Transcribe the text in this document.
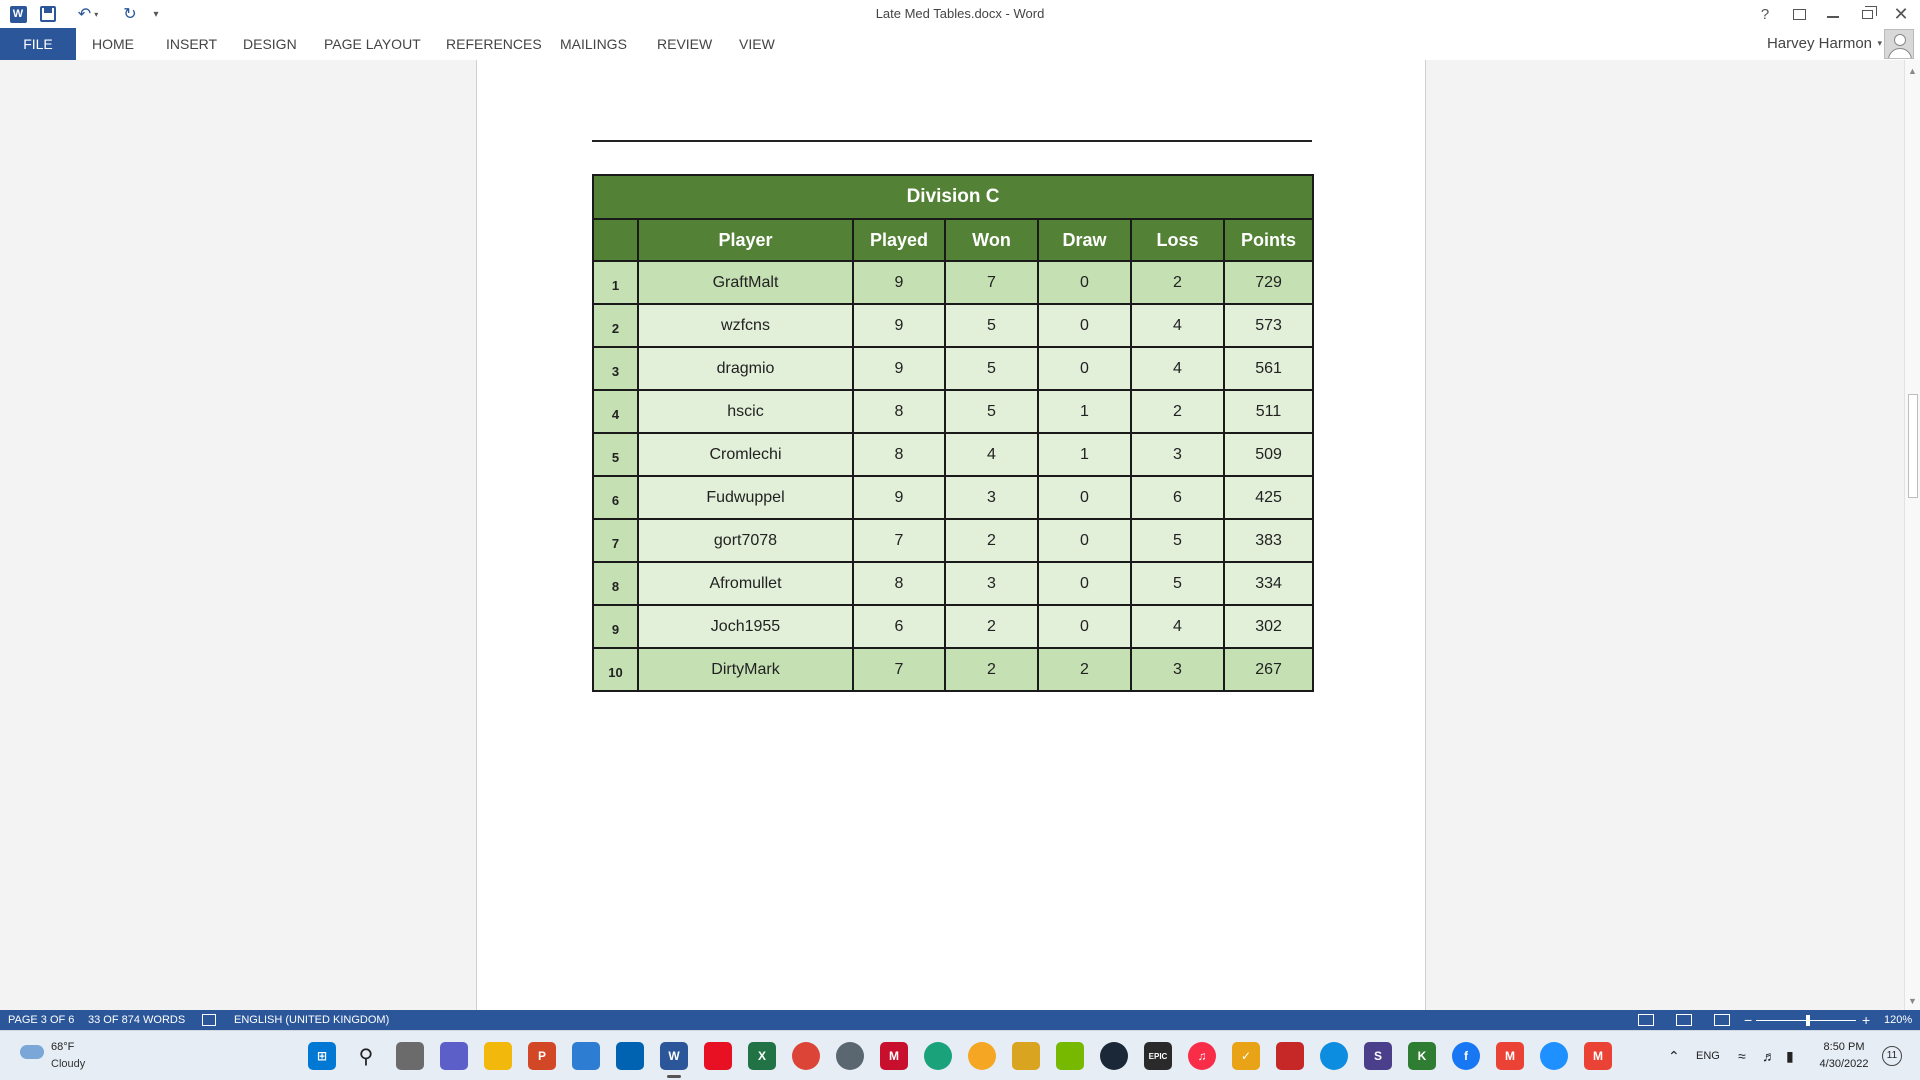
W	↶ ▾	↻	▾	Late Med Tables.docx - Word	?	✕
FILE	HOME INSERT DESIGN PAGE LAYOUT REFERENCES MAILINGS REVIEW VIEW	Harvey Harmon ▾
Division C						
	Player	Played	Won	Draw	Loss	Points
1	GraftMalt	9	7	0	2	729
2	wzfcns	9	5	0	4	573
3	dragmio	9	5	0	4	561
4	hscic	8	5	1	2	511
5	Cromlechi	8	4	1	3	509
6	Fudwuppel	9	3	0	6	425
7	gort7078	7	2	0	5	383
8	Afromullet	8	3	0	5	334
9	Joch1955	6	2	0	4	302
10	DirtyMark	7	2	2	3	267
▲
▼
PAGE 3 OF 6 33 OF 874 WORDS	ENGLISH (UNITED KINGDOM)	−	+ 120%
68°F
Cloudy
⊞	⚲	P	W	X	M	EPIC	♫	✓	S	K	f	M	M	⌃ ENG ≈ ♬ ▮
8:50 PM
4/30/2022
11
